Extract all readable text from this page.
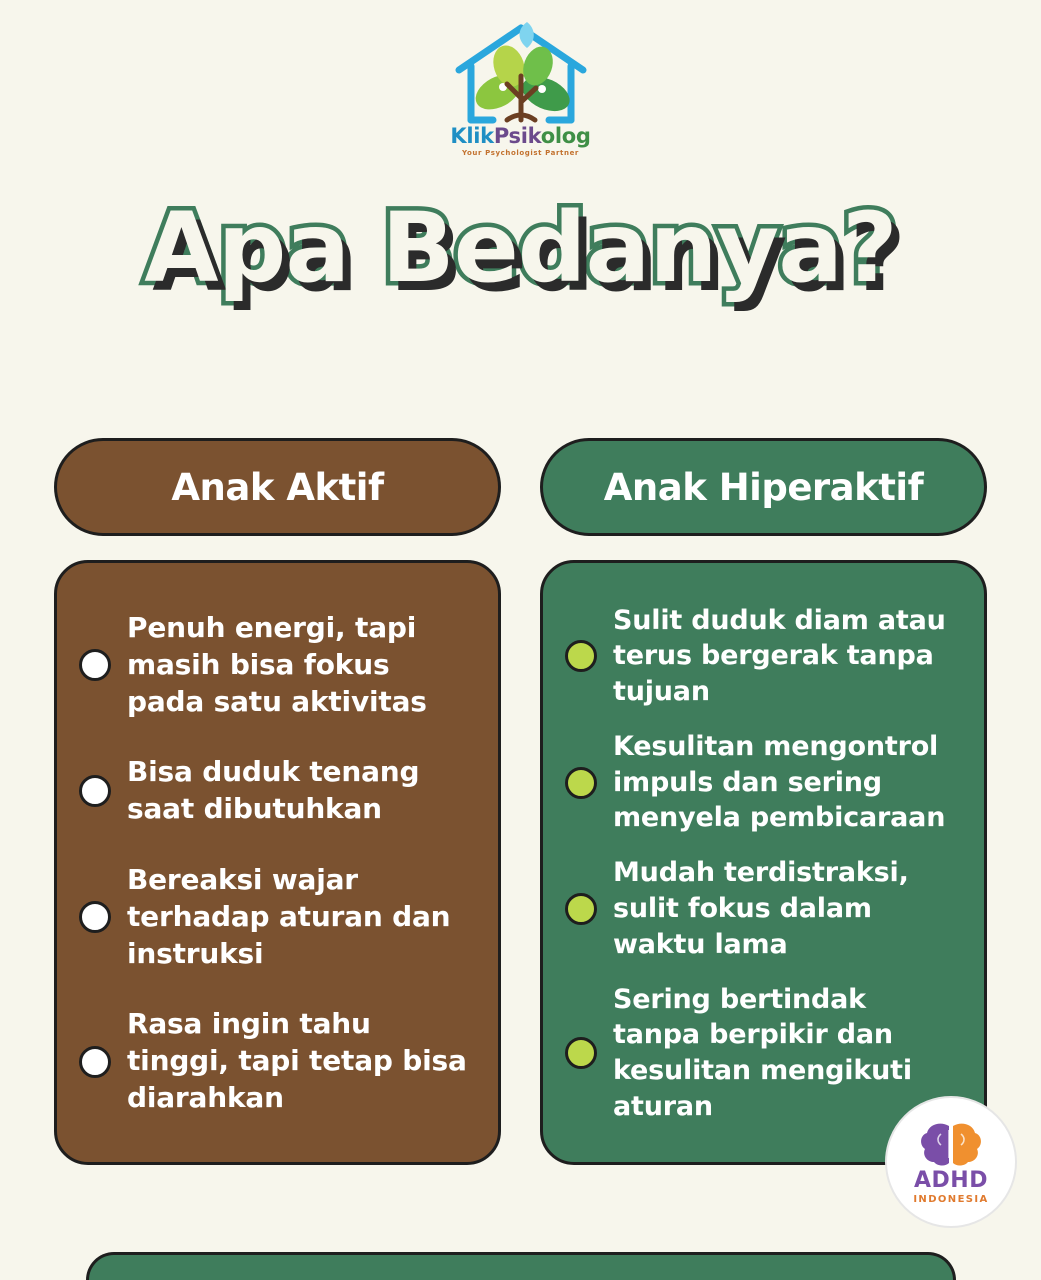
KlikPsikolog
Your Psychologist Partner
Apa Bedanya?
Anak Aktif
Penuh energi, tapi masih bisa fokus pada satu aktivitas
Bisa duduk tenang saat dibutuhkan
Bereaksi wajar terhadap aturan dan instruksi
Rasa ingin tahu tinggi, tapi tetap bisa diarahkan
Anak Hiperaktif
Sulit duduk diam atau terus bergerak tanpa tujuan
Kesulitan mengontrol impuls dan sering menyela pembicaraan
Mudah terdistraksi, sulit fokus dalam waktu lama
Sering bertindak tanpa berpikir dan kesulitan mengikuti aturan
ADHD
INDONESIA
